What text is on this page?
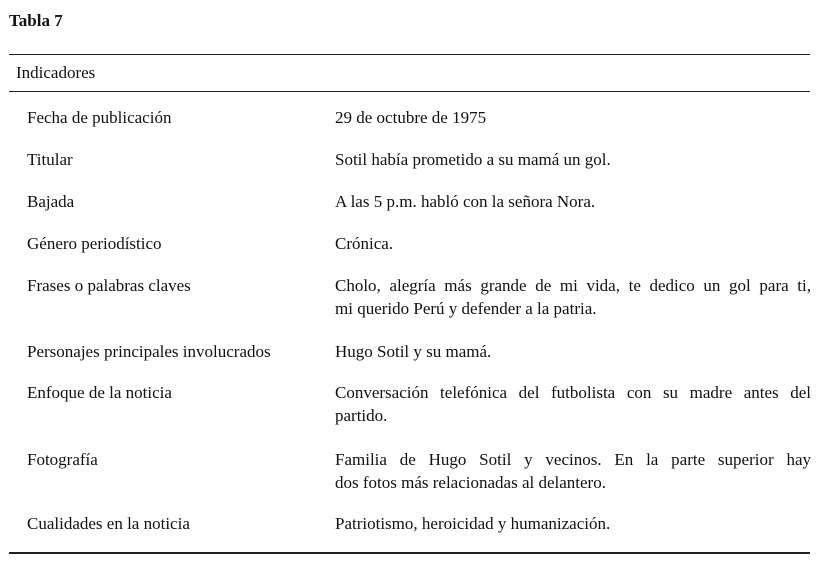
Tabla 7
Indicadores
Fecha de publicación	29 de octubre de 1975
Titular	Sotil había prometido a su mamá un gol.
Bajada	A las 5 p.m. habló con la señora Nora.
Género periodístico	Crónica.
Frases o palabras claves	Cholo, alegría más grande de mi vida, te dedico un gol para ti,
mi querido Perú y defender a la patria.
Personajes principales involucrados	Hugo Sotil y su mamá.
Enfoque de la noticia	Conversación telefónica del futbolista con su madre antes del
partido.
Fotografía	Familia de Hugo Sotil y vecinos. En la parte superior hay
dos fotos más relacionadas al delantero.
Cualidades en la noticia	Patriotismo, heroicidad y humanización.
